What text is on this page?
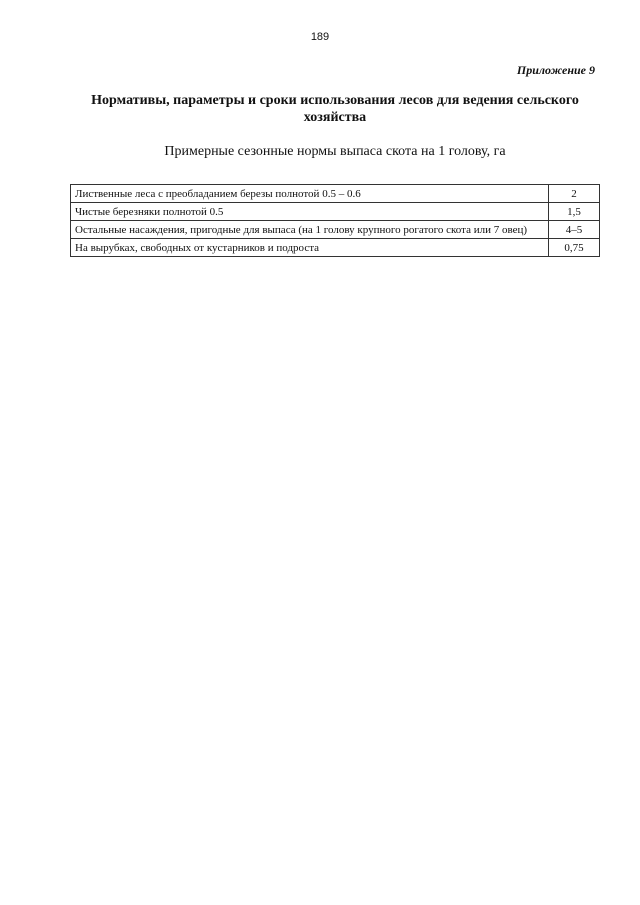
189
Приложение 9
Нормативы, параметры и сроки использования лесов для ведения сельского хозяйства
Примерные сезонные нормы выпаса скота на 1 голову, га
Лиственные леса с преобладанием березы полнотой 0.5 – 0.6	2
Чистые березняки полнотой 0.5	1,5
Остальные насаждения, пригодные для выпаса (на 1 голову крупного рогатого скота или 7 овец)	4–5
На вырубках, свободных от кустарников и подроста	0,75
